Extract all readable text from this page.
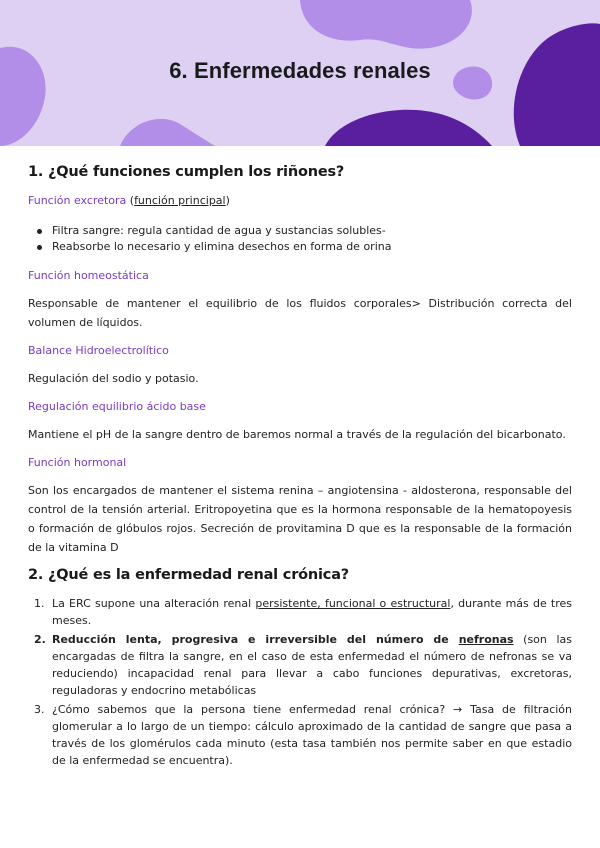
6. Enfermedades renales
1. ¿Qué funciones cumplen los riñones?
Función excretora (función principal)
Filtra sangre: regula cantidad de agua y sustancias solubles-
Reabsorbe lo necesario y elimina desechos en forma de orina
Función homeostática

Responsable de mantener el equilibrio de los fluidos corporales> Distribución correcta del volumen de líquidos.

Balance Hidroelectrolítico

Regulación del sodio y potasio.

Regulación equilibrio ácido base

Mantiene el pH de la sangre dentro de baremos normal a través de la regulación del bicarbonato.

Función hormonal

Son los encargados de mantener el sistema renina – angiotensina - aldosterona, responsable del control de la tensión arterial. Eritropoyetina que es la hormona responsable de la hematopoyesis o formación de glóbulos rojos. Secreción de provitamina D que es la responsable de la formación de la vitamina D

2. ¿Qué es la enfermedad renal crónica?
1. La ERC supone una alteración renal persistente, funcional o estructural, durante más de tres meses.
2. Reducción lenta, progresiva e irreversible del número de nefronas (son las encargadas de filtra la sangre, en el caso de esta enfermedad el número de nefronas se va reduciendo) incapacidad renal para llevar a cabo funciones depurativas, excretoras, reguladoras y endocrino metabólicas
3. ¿Cómo sabemos que la persona tiene enfermedad renal crónica? → Tasa de filtración glomerular a lo largo de un tiempo: cálculo aproximado de la cantidad de sangre que pasa a través de los glomérulos cada minuto (esta tasa también nos permite saber en que estadio de la enfermedad se encuentra).
